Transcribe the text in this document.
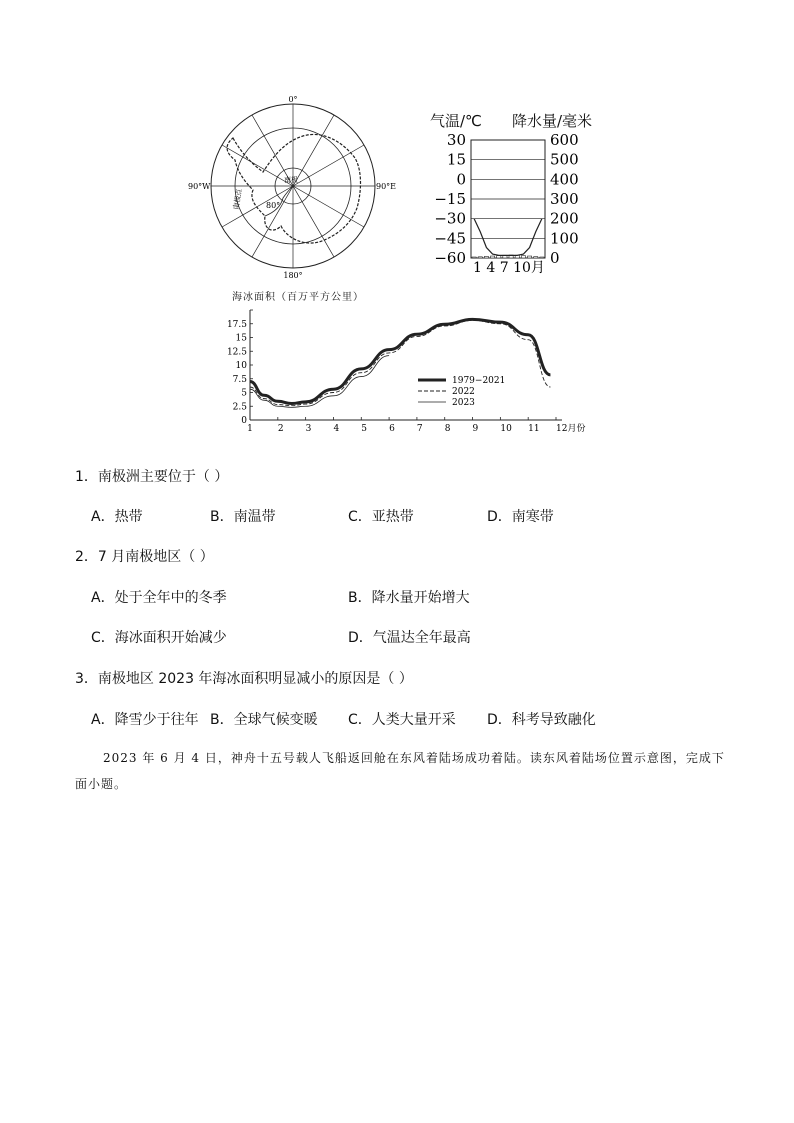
0°
180°
90°W	90°E
80°
南极
南极点
气温/℃ 降水量/毫米
30
15
0
−15
−30
−45
−60
600
500
400
300
200
100
0
1 4 7 10月
海冰面积（百万平方公里）
17.5
15
12.5
10
7.5
5
2.5
0
1	2 3 4 5 6 7 8 9 10 11 12月份
1979−2021
2022
2023
1．南极洲主要位于（ ）
A．热带	B．南温带	C．亚热带	D．南寒带
2．7 月南极地区（ ）
A．处于全年中的冬季	B．降水量开始增大
C．海冰面积开始减少	D．气温达全年最高
3．南极地区 2023 年海冰面积明显减小的原因是（ ）
A．降雪少于往年 B．全球气候变暖 C．人类大量开采 D．科考导致融化
2023 年 6 月 4 日，神舟十五号载人飞船返回舱在东风着陆场成功着陆。读东风着陆场位置示意图，完成下面小题。
